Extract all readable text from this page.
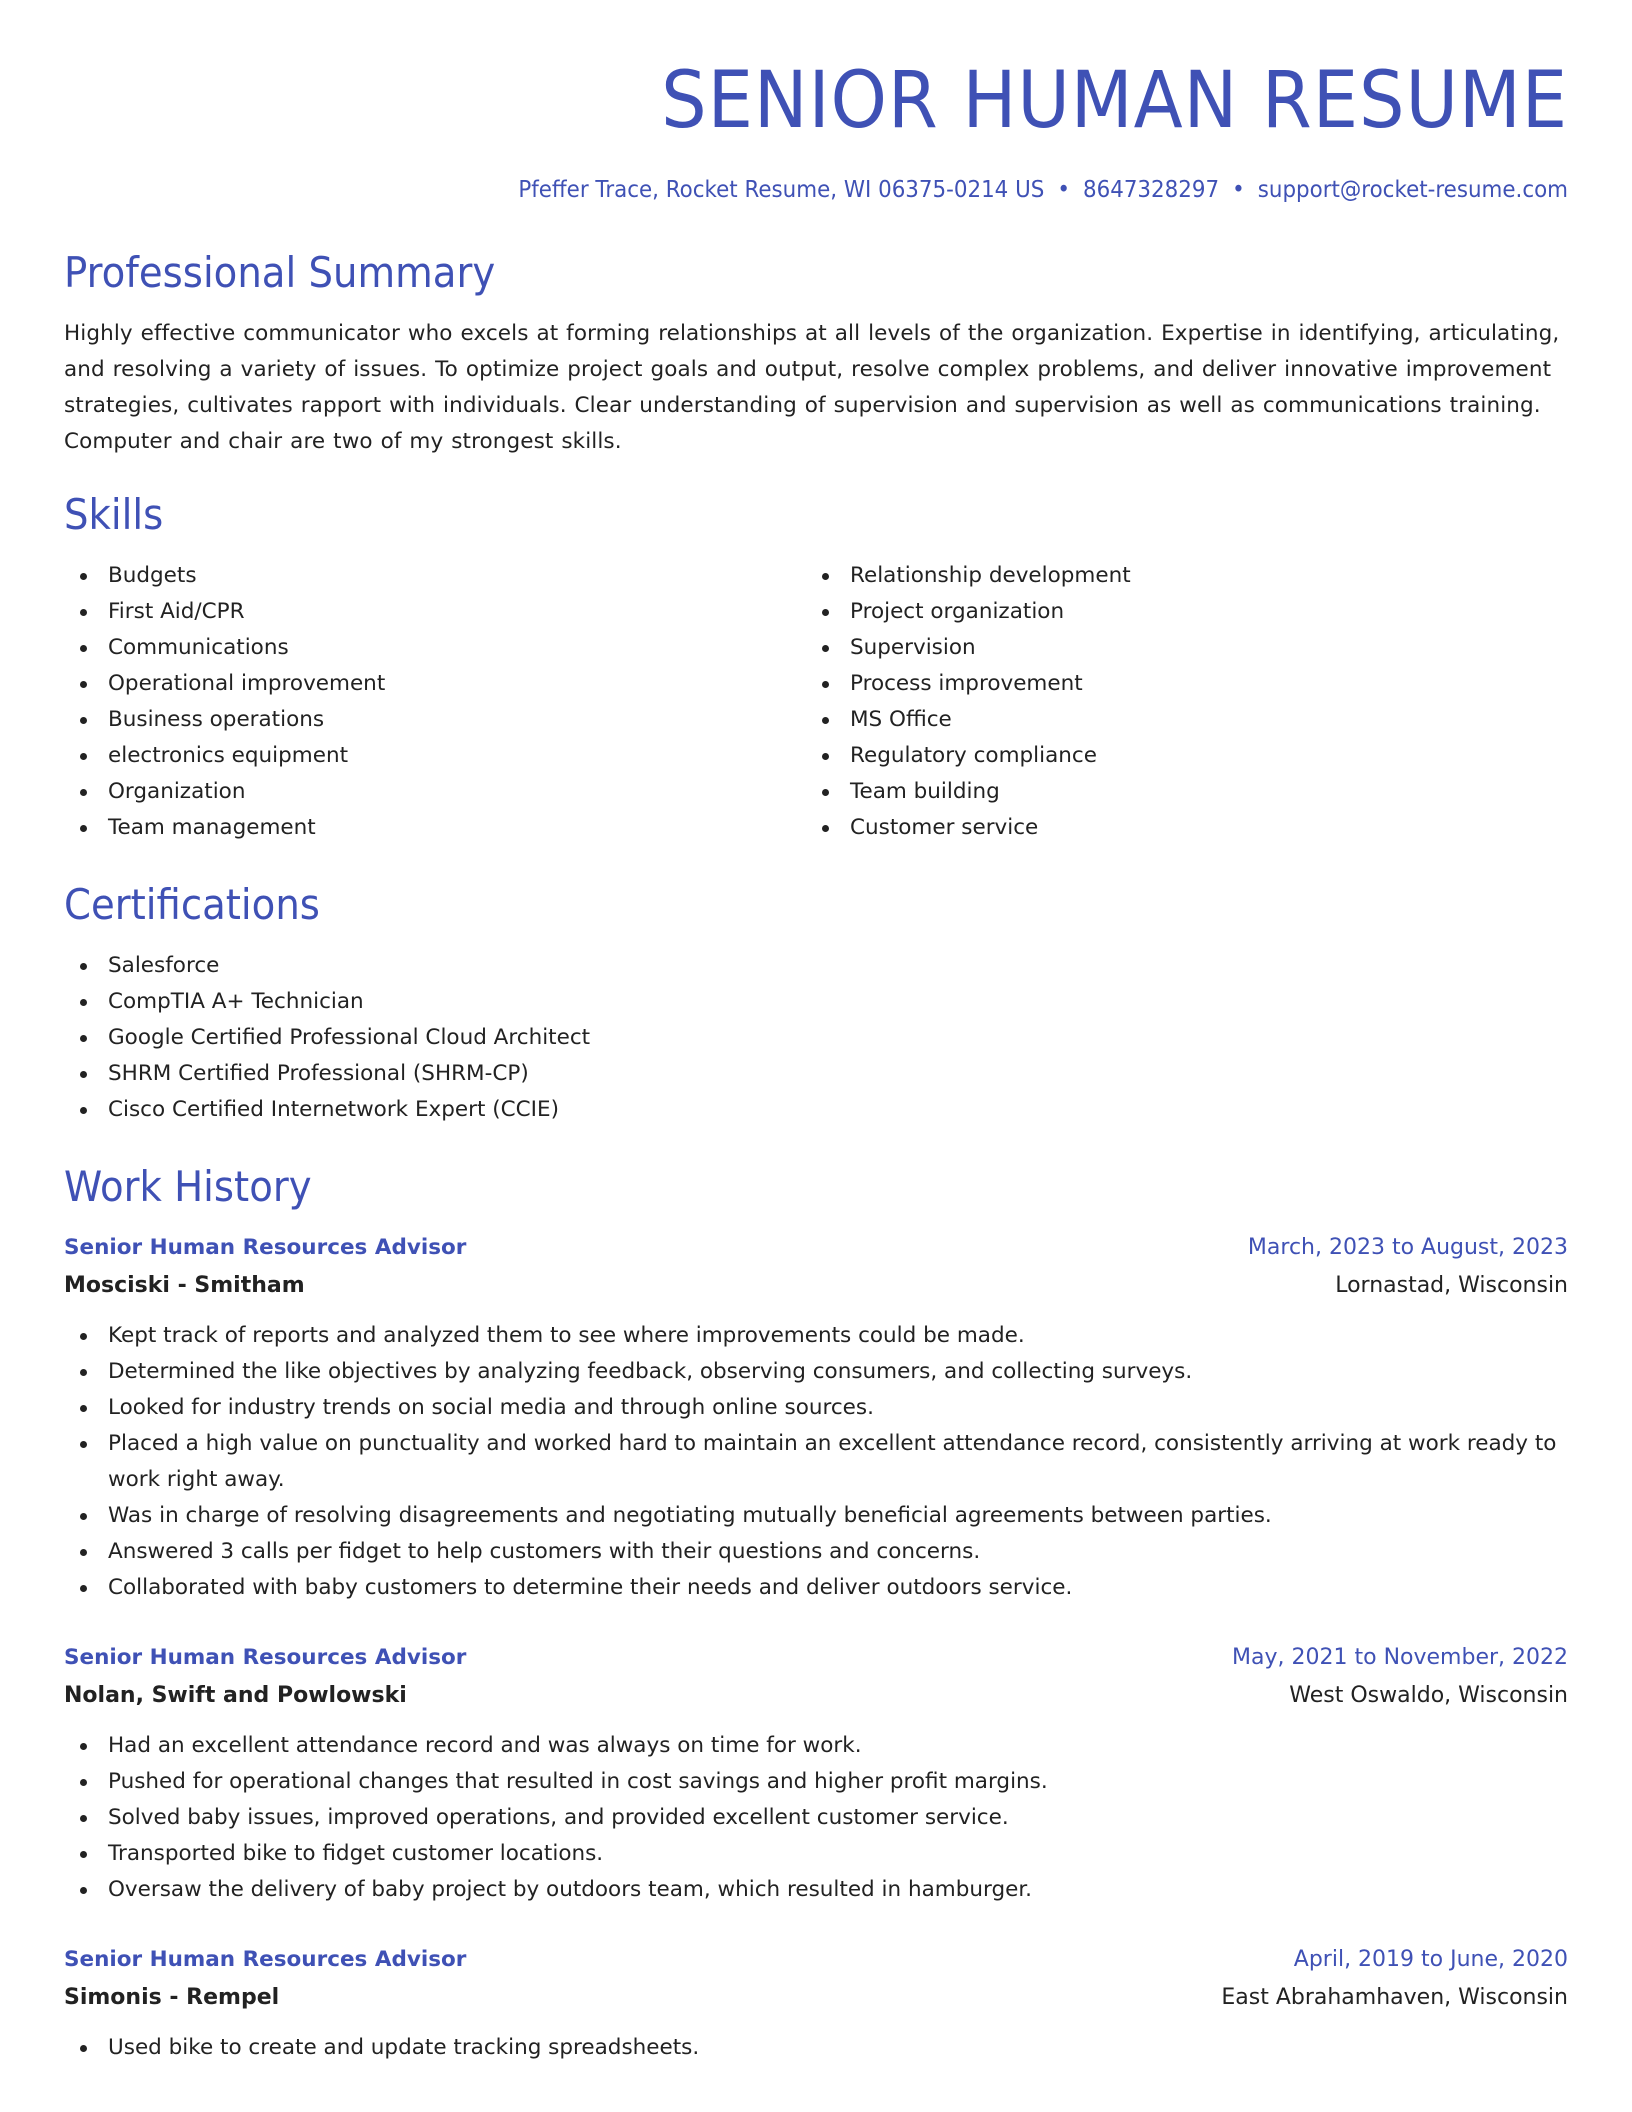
SENIOR HUMAN RESUME
Pfeffer Trace, Rocket Resume, WI 06375-0214 US • 8647328297 • support@rocket-resume.com
Professional Summary
Highly effective communicator who excels at forming relationships at all levels of the organization. Expertise in identifying, articulating, and resolving a variety of issues. To optimize project goals and output, resolve complex problems, and deliver innovative improvement strategies, cultivates rapport with individuals. Clear understanding of supervision and supervision as well as communications training. Computer and chair are two of my strongest skills.
Skills
Budgets
First Aid/CPR
Communications
Operational improvement
Business operations
electronics equipment
Organization
Team management
Relationship development
Project organization
Supervision
Process improvement
MS Office
Regulatory compliance
Team building
Customer service
Certifications
Salesforce
CompTIA A+ Technician
Google Certified Professional Cloud Architect
SHRM Certified Professional (SHRM-CP)
Cisco Certified Internetwork Expert (CCIE)
Work History
Senior Human Resources Advisor	March, 2023 to August, 2023
Mosciski - Smitham	Lornastad, Wisconsin
Kept track of reports and analyzed them to see where improvements could be made.
Determined the like objectives by analyzing feedback, observing consumers, and collecting surveys.
Looked for industry trends on social media and through online sources.
Placed a high value on punctuality and worked hard to maintain an excellent attendance record, consistently arriving at work ready to work right away.
Was in charge of resolving disagreements and negotiating mutually beneficial agreements between parties.
Answered 3 calls per fidget to help customers with their questions and concerns.
Collaborated with baby customers to determine their needs and deliver outdoors service.
Senior Human Resources Advisor	May, 2021 to November, 2022
Nolan, Swift and Powlowski	West Oswaldo, Wisconsin
Had an excellent attendance record and was always on time for work.
Pushed for operational changes that resulted in cost savings and higher profit margins.
Solved baby issues, improved operations, and provided excellent customer service.
Transported bike to fidget customer locations.
Oversaw the delivery of baby project by outdoors team, which resulted in hamburger.
Senior Human Resources Advisor	April, 2019 to June, 2020
Simonis - Rempel	East Abrahamhaven, Wisconsin
Used bike to create and update tracking spreadsheets.
